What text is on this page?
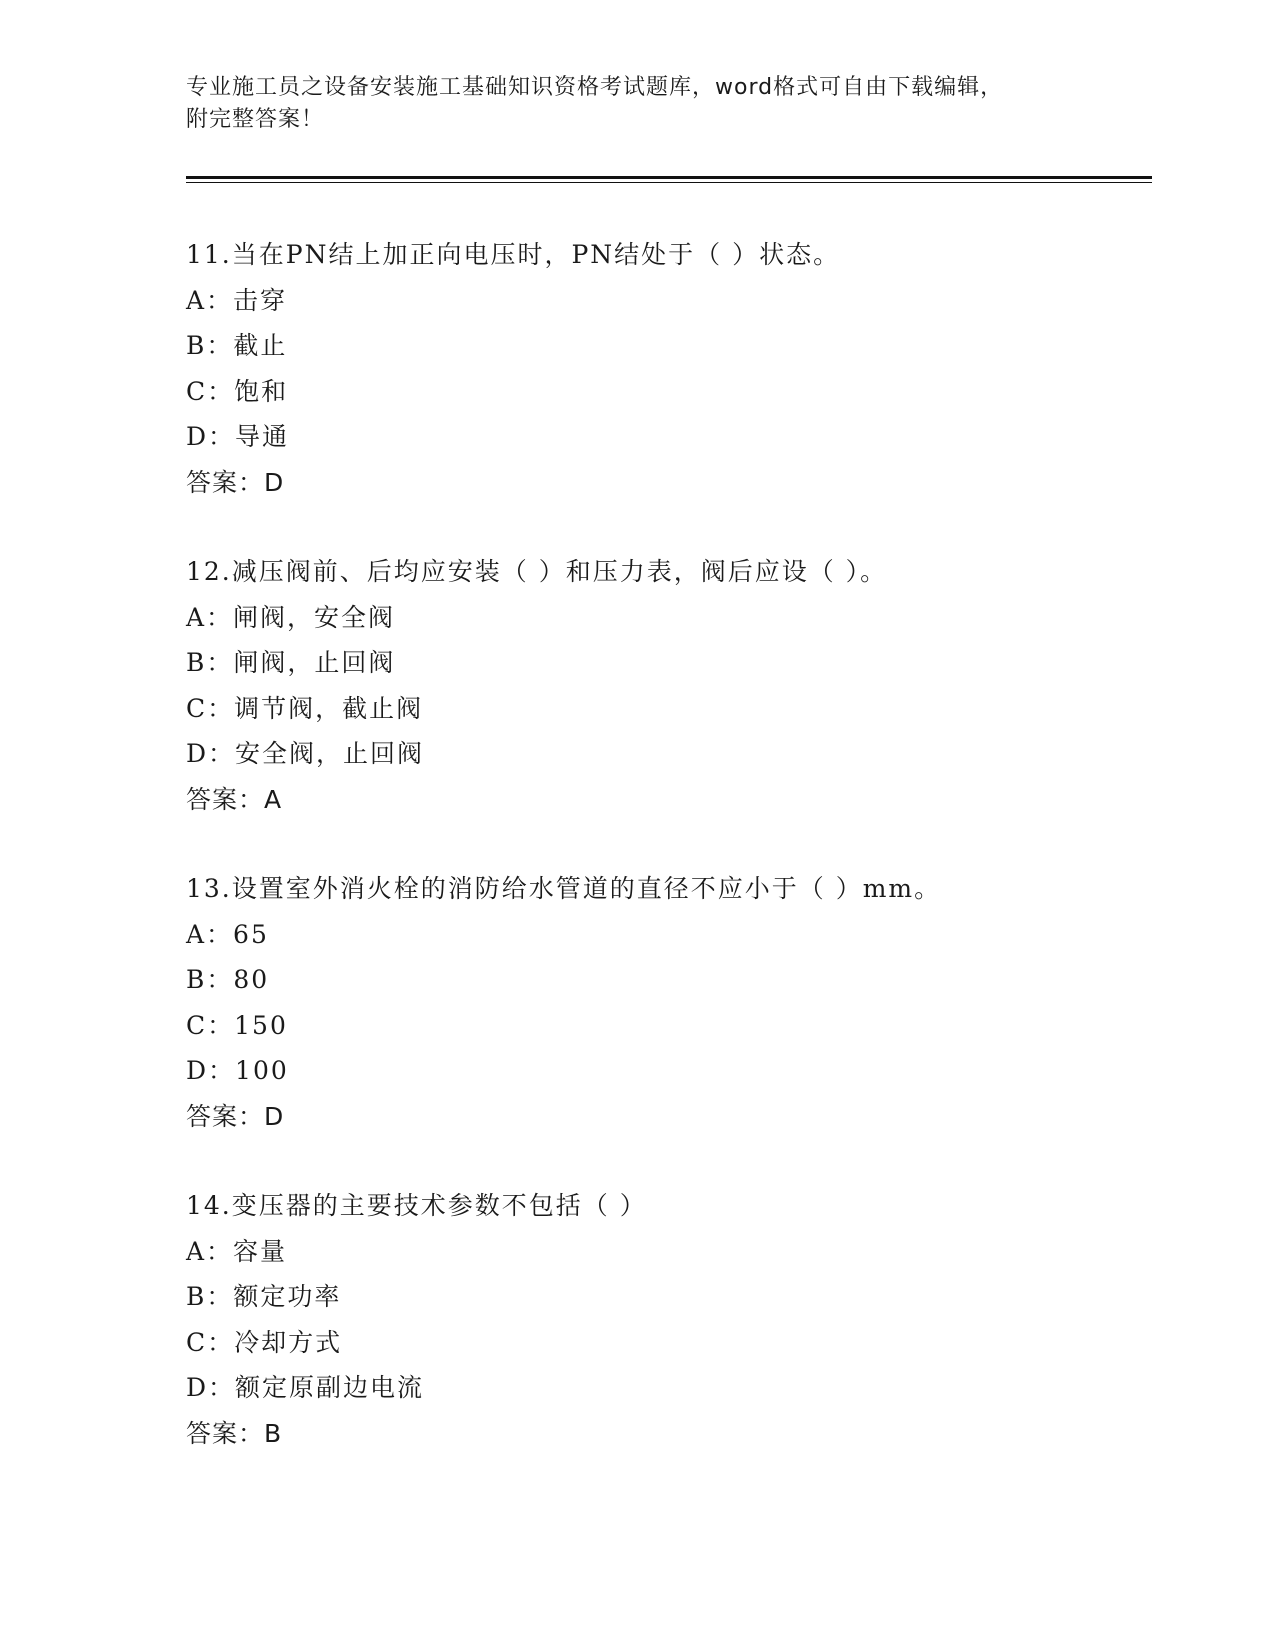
专业施工员之设备安装施工基础知识资格考试题库，word格式可自由下载编辑，
附完整答案！
11.当在PN结上加正向电压时，PN结处于（ ）状态。
A：击穿
B：截止
C：饱和
D：导通
答案：D
12.减压阀前、后均应安装（ ）和压力表，阀后应设（ ）。
A：闸阀，安全阀
B：闸阀，止回阀
C：调节阀，截止阀
D：安全阀，止回阀
答案：A
13.设置室外消火栓的消防给水管道的直径不应小于（ ）mm。
A：65
B：80
C：150
D：100
答案：D
14.变压器的主要技术参数不包括（ ）
A：容量
B：额定功率
C：冷却方式
D：额定原副边电流
答案：B
